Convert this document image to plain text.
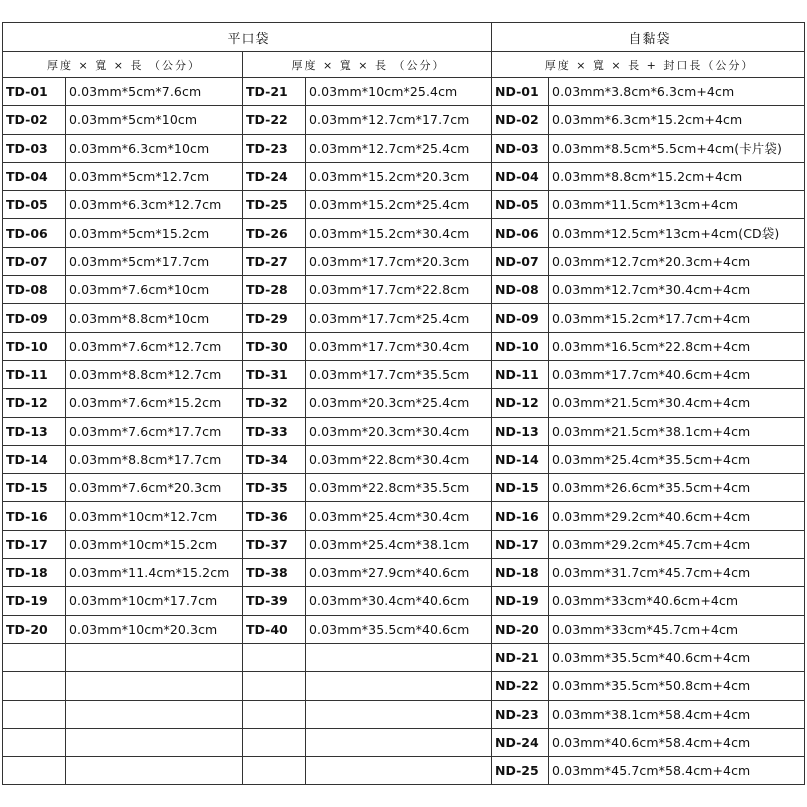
平口袋				自黏袋	
厚度 × 寬 × 長 （公分）		厚度 × 寬 × 長 （公分）		厚度 × 寬 × 長 + 封口長（公分）	
TD-01	0.03mm*5cm*7.6cm	TD-21	0.03mm*10cm*25.4cm	ND-01	0.03mm*3.8cm*6.3cm+4cm
TD-02	0.03mm*5cm*10cm	TD-22	0.03mm*12.7cm*17.7cm	ND-02	0.03mm*6.3cm*15.2cm+4cm
TD-03	0.03mm*6.3cm*10cm	TD-23	0.03mm*12.7cm*25.4cm	ND-03	0.03mm*8.5cm*5.5cm+4cm(卡片袋)
TD-04	0.03mm*5cm*12.7cm	TD-24	0.03mm*15.2cm*20.3cm	ND-04	0.03mm*8.8cm*15.2cm+4cm
TD-05	0.03mm*6.3cm*12.7cm	TD-25	0.03mm*15.2cm*25.4cm	ND-05	0.03mm*11.5cm*13cm+4cm
TD-06	0.03mm*5cm*15.2cm	TD-26	0.03mm*15.2cm*30.4cm	ND-06	0.03mm*12.5cm*13cm+4cm(CD袋)
TD-07	0.03mm*5cm*17.7cm	TD-27	0.03mm*17.7cm*20.3cm	ND-07	0.03mm*12.7cm*20.3cm+4cm
TD-08	0.03mm*7.6cm*10cm	TD-28	0.03mm*17.7cm*22.8cm	ND-08	0.03mm*12.7cm*30.4cm+4cm
TD-09	0.03mm*8.8cm*10cm	TD-29	0.03mm*17.7cm*25.4cm	ND-09	0.03mm*15.2cm*17.7cm+4cm
TD-10	0.03mm*7.6cm*12.7cm	TD-30	0.03mm*17.7cm*30.4cm	ND-10	0.03mm*16.5cm*22.8cm+4cm
TD-11	0.03mm*8.8cm*12.7cm	TD-31	0.03mm*17.7cm*35.5cm	ND-11	0.03mm*17.7cm*40.6cm+4cm
TD-12	0.03mm*7.6cm*15.2cm	TD-32	0.03mm*20.3cm*25.4cm	ND-12	0.03mm*21.5cm*30.4cm+4cm
TD-13	0.03mm*7.6cm*17.7cm	TD-33	0.03mm*20.3cm*30.4cm	ND-13	0.03mm*21.5cm*38.1cm+4cm
TD-14	0.03mm*8.8cm*17.7cm	TD-34	0.03mm*22.8cm*30.4cm	ND-14	0.03mm*25.4cm*35.5cm+4cm
TD-15	0.03mm*7.6cm*20.3cm	TD-35	0.03mm*22.8cm*35.5cm	ND-15	0.03mm*26.6cm*35.5cm+4cm
TD-16	0.03mm*10cm*12.7cm	TD-36	0.03mm*25.4cm*30.4cm	ND-16	0.03mm*29.2cm*40.6cm+4cm
TD-17	0.03mm*10cm*15.2cm	TD-37	0.03mm*25.4cm*38.1cm	ND-17	0.03mm*29.2cm*45.7cm+4cm
TD-18	0.03mm*11.4cm*15.2cm	TD-38	0.03mm*27.9cm*40.6cm	ND-18	0.03mm*31.7cm*45.7cm+4cm
TD-19	0.03mm*10cm*17.7cm	TD-39	0.03mm*30.4cm*40.6cm	ND-19	0.03mm*33cm*40.6cm+4cm
TD-20	0.03mm*10cm*20.3cm	TD-40	0.03mm*35.5cm*40.6cm	ND-20	0.03mm*33cm*45.7cm+4cm
				ND-21	0.03mm*35.5cm*40.6cm+4cm
				ND-22	0.03mm*35.5cm*50.8cm+4cm
				ND-23	0.03mm*38.1cm*58.4cm+4cm
				ND-24	0.03mm*40.6cm*58.4cm+4cm
				ND-25	0.03mm*45.7cm*58.4cm+4cm
